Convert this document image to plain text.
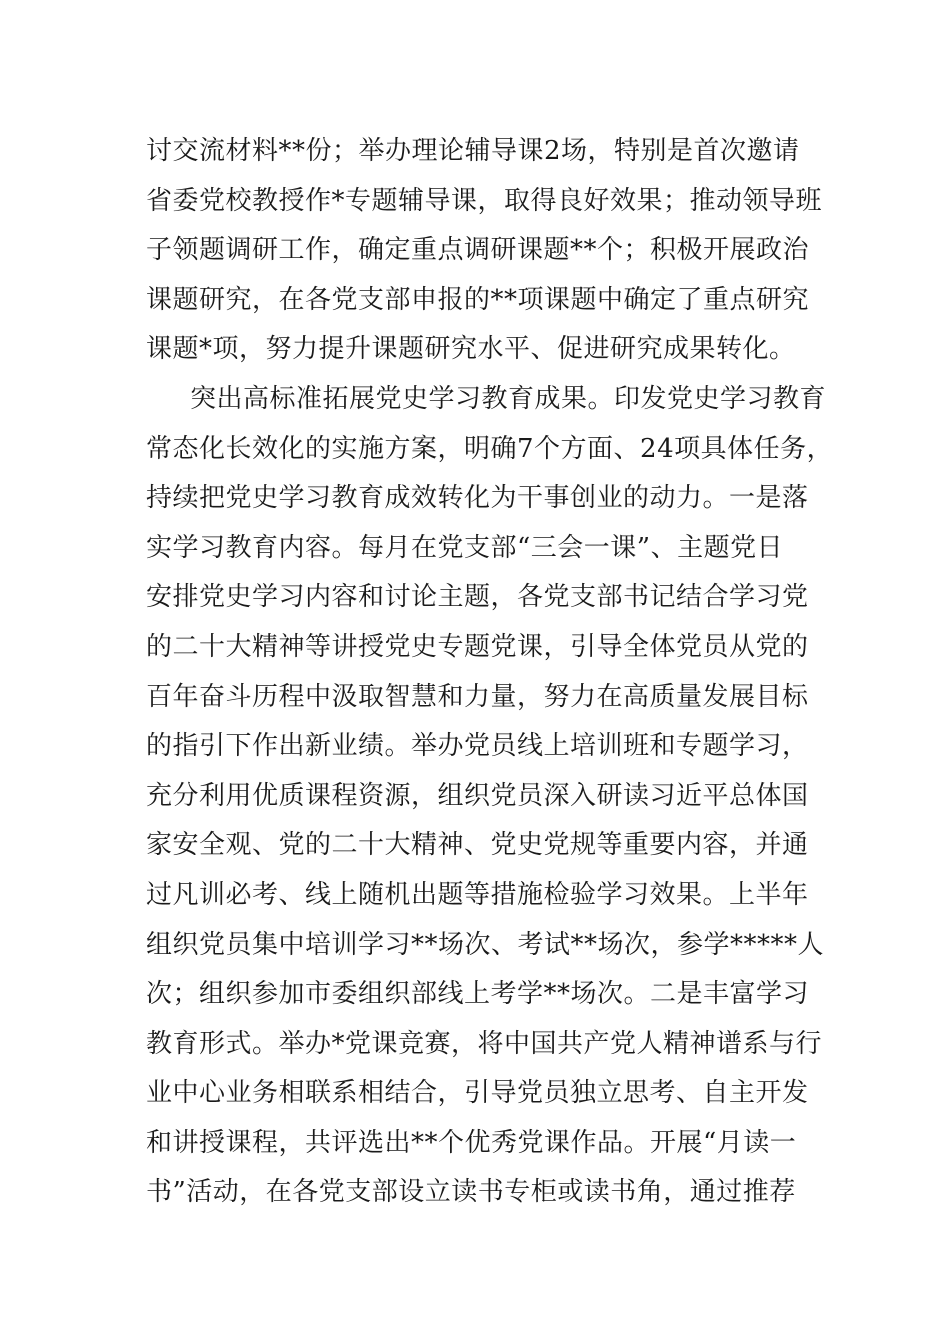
讨交流材料**份；举办理论辅导课2场，特别是首次邀请
省委党校教授作*专题辅导课，取得良好效果；推动领导班
子领题调研工作，确定重点调研课题**个；积极开展政治
课题研究，在各党支部申报的**项课题中确定了重点研究
课题*项，努力提升课题研究水平、促进研究成果转化。
突出高标准拓展党史学习教育成果。印发党史学习教育
常态化长效化的实施方案，明确7个方面、24项具体任务，
持续把党史学习教育成效转化为干事创业的动力。一是落
实学习教育内容。每月在党支部“三会一课”、主题党日
安排党史学习内容和讨论主题，各党支部书记结合学习党
的二十大精神等讲授党史专题党课，引导全体党员从党的
百年奋斗历程中汲取智慧和力量，努力在高质量发展目标
的指引下作出新业绩。举办党员线上培训班和专题学习，
充分利用优质课程资源，组织党员深入研读习近平总体国
家安全观、党的二十大精神、党史党规等重要内容，并通
过凡训必考、线上随机出题等措施检验学习效果。上半年
组织党员集中培训学习**场次、考试**场次，参学*****人
次；组织参加市委组织部线上考学**场次。二是丰富学习
教育形式。举办*党课竞赛，将中国共产党人精神谱系与行
业中心业务相联系相结合，引导党员独立思考、自主开发
和讲授课程，共评选出**个优秀党课作品。开展“月读一
书”活动，在各党支部设立读书专柜或读书角，通过推荐
